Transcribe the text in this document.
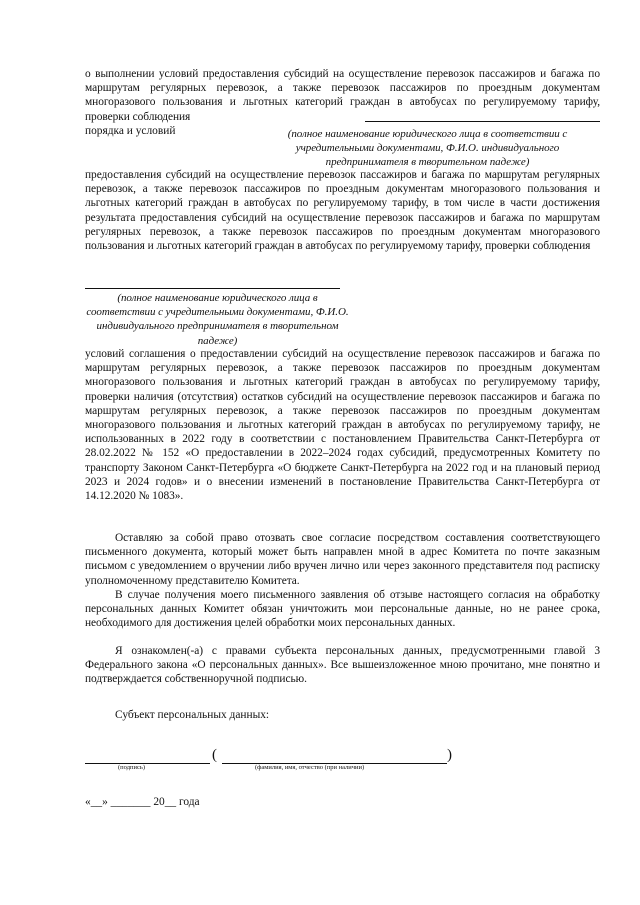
о выполнении условий предоставления субсидий на осуществление перевозок пассажиров и багажа по маршрутам регулярных перевозок, а также перевозок пассажиров по проездным документам многоразового пользования и льготных категорий граждан в автобусах по регулируемому тарифу, проверки соблюдения
порядка и условий	(полное наименование юридического лица в соответствии с учредительными документами, Ф.И.О. индивидуального предпринимателя в творительном падеже)
предоставления субсидий на осуществление перевозок пассажиров и багажа по маршрутам регулярных перевозок, а также перевозок пассажиров по проездным документам многоразового пользования и льготных категорий граждан в автобусах по регулируемому тарифу, в том числе в части достижения результата предоставления субсидий на осуществление перевозок пассажиров и багажа по маршрутам регулярных перевозок, а также перевозок пассажиров по проездным документам многоразового пользования и льготных категорий граждан в автобусах по регулируемому тарифу, проверки соблюдения
(полное наименование юридического лица в соответствии с учредительными документами, Ф.И.О. индивидуального предпринимателя в творительном падеже)
условий соглашения о предоставлении субсидий на осуществление перевозок пассажиров и багажа по маршрутам регулярных перевозок, а также перевозок пассажиров по проездным документам многоразового пользования и льготных категорий граждан в автобусах по регулируемому тарифу, проверки наличия (отсутствия) остатков субсидий на осуществление перевозок пассажиров и багажа по маршрутам регулярных перевозок, а также перевозок пассажиров по проездным документам многоразового пользования и льготных категорий граждан в автобусах по регулируемому тарифу, не использованных в 2022 году в соответствии с постановлением Правительства Санкт-Петербурга от 28.02.2022 № 152 «О предоставлении в 2022–2024 годах субсидий, предусмотренных Комитету по транспорту Законом Санкт-Петербурга «О бюджете Санкт-Петербурга на 2022 год и на плановый период 2023 и 2024 годов» и о внесении изменений в постановление Правительства Санкт-Петербурга от 14.12.2020 № 1083».
Оставляю за собой право отозвать свое согласие посредством составления соответствующего письменного документа, который может быть направлен мной в адрес Комитета по почте заказным письмом с уведомлением о вручении либо вручен лично или через законного представителя под расписку уполномоченному представителю Комитета.
В случае получения моего письменного заявления об отзыве настоящего согласия на обработку персональных данных Комитет обязан уничтожить мои персональные данные, но не ранее срока, необходимого для достижения целей обработки моих персональных данных.
Я ознакомлен(-а) с правами субъекта персональных данных, предусмотренными главой 3 Федерального закона «О персональных данных». Все вышеизложенное мною прочитано, мне понятно и подтверждается собственноручной подписью.
Субъект персональных данных:
(подпись)
(	)
(фамилия, имя, отчество (при наличии)
«__» _______ 20__ года
